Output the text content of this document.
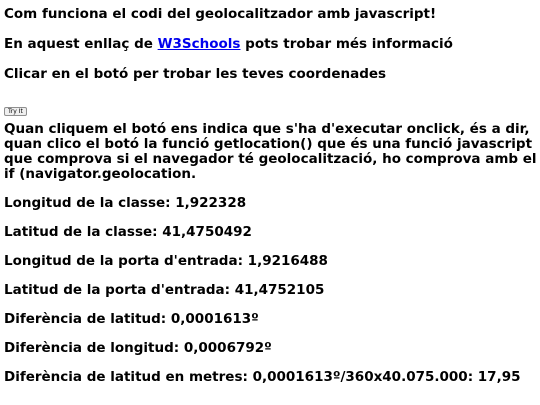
Com funciona el codi del geolocalitzador amb javascript!

En aquest enllaç de W3Schools pots trobar més informació

Clicar en el botó per trobar les teves coordenades

Try It

Quan cliquem el botó ens indica que s'ha d'executar onclick, és a dir, quan clico el botó la funció getlocation() que és una funció javascript que comprova si el navegador té geolocalització, ho comprova amb el if (navigator.geolocation.

Longitud de la classe: 1,922328

Latitud de la classe: 41,4750492

Longitud de la porta d'entrada: 1,9216488

Latitud de la porta d'entrada: 41,4752105

Diferència de latitud: 0,0001613º

Diferència de longitud: 0,0006792º

Diferència de latitud en metres: 0,0001613º/360x40.075.000: 17,95
